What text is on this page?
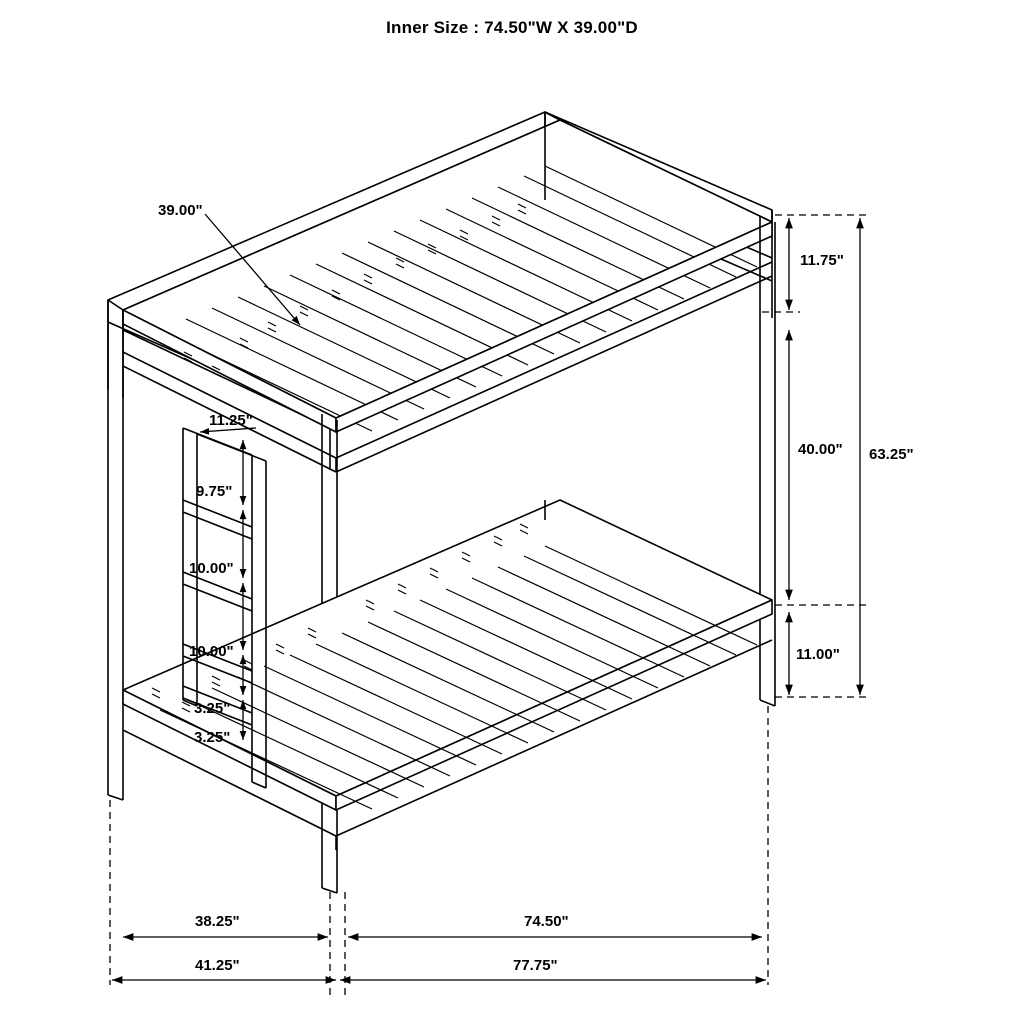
Inner Size : 74.50"W X 39.00"D
39.00"
11.75"
40.00" 63.25"
11.00"
11.25"
9.75"
10.00"
10.00"
3.25"
3.25"
38.25"	74.50"
41.25"	77.75"
